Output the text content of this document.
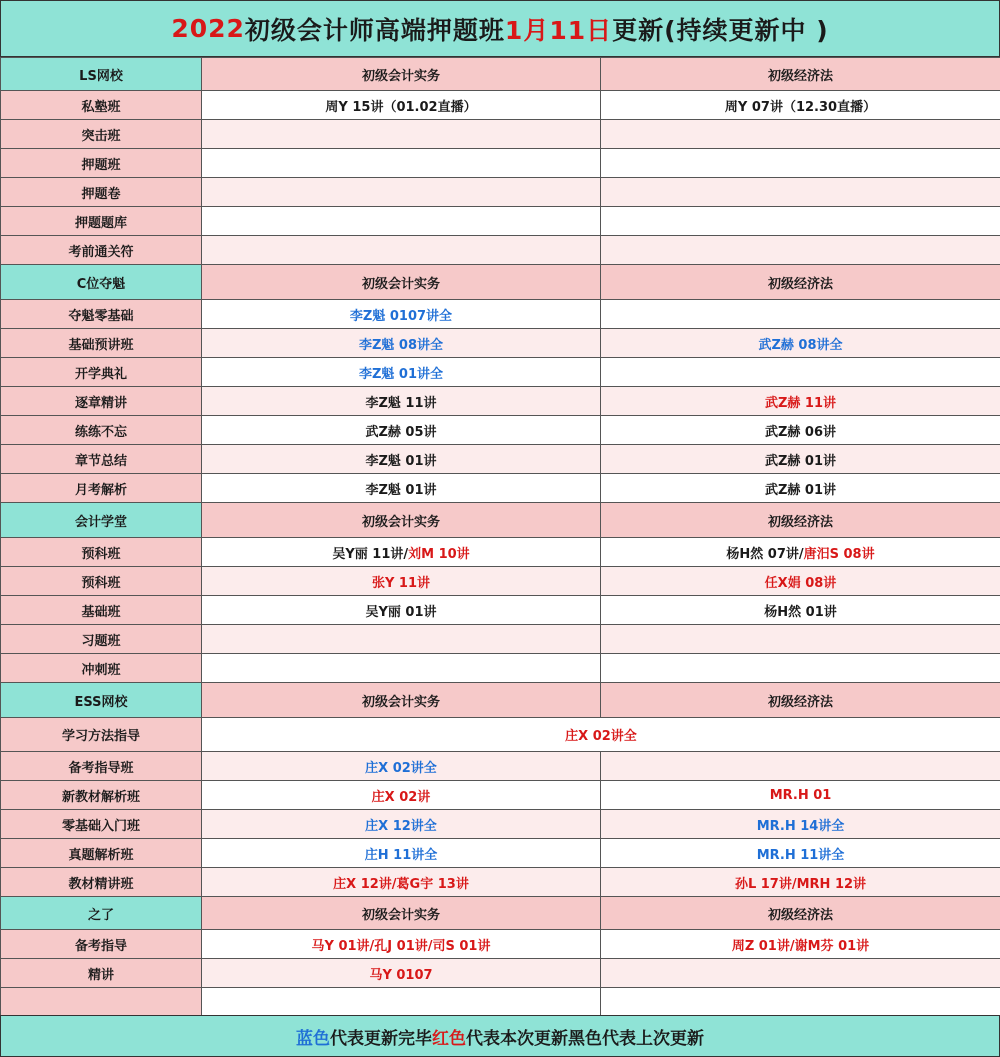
2022 初级会计师高端押题班 1月11日 更新(持续更新中 )
LS网校	初级会计实务	初级经济法
私塾班	周Y 15讲（01.02直播）	周Y 07讲（12.30直播）
突击班		
押题班		
押题卷		
押题题库		
考前通关符		
C位夺魁	初级会计实务	初级经济法
夺魁零基础	李Z魁 0107讲全	
基础预讲班	李Z魁 08讲全	武Z赫 08讲全
开学典礼	李Z魁 01讲全	
逐章精讲	李Z魁 11讲	武Z赫 11讲
练练不忘	武Z赫 05讲	武Z赫 06讲
章节总结	李Z魁 01讲	武Z赫 01讲
月考解析	李Z魁 01讲	武Z赫 01讲
会计学堂	初级会计实务	初级经济法
预科班	吴Y丽 11讲/刘M 10讲	杨H然 07讲/唐汨S 08讲
预科班	张Y 11讲	任X娟 08讲
基础班	吴Y丽 01讲	杨H然 01讲
习题班		
冲刺班		
ESS网校	初级会计实务	初级经济法
学习方法指导	庄X 02讲全	
备考指导班	庄X 02讲全	
新教材解析班	庄X 02讲	MR.H 01
零基础入门班	庄X 12讲全	MR.H 14讲全
真题解析班	庄H 11讲全	MR.H 11讲全
教材精讲班	庄X 12讲/葛G宇 13讲	孙L 17讲/MRH 12讲
之了	初级会计实务	初级经济法
备考指导	马Y 01讲/孔J 01讲/司S 01讲	周Z 01讲/谢M芬 01讲
精讲	马Y 0107	

蓝色 代表更新完毕 红色 代表本次更新 黑色代表上次更新
